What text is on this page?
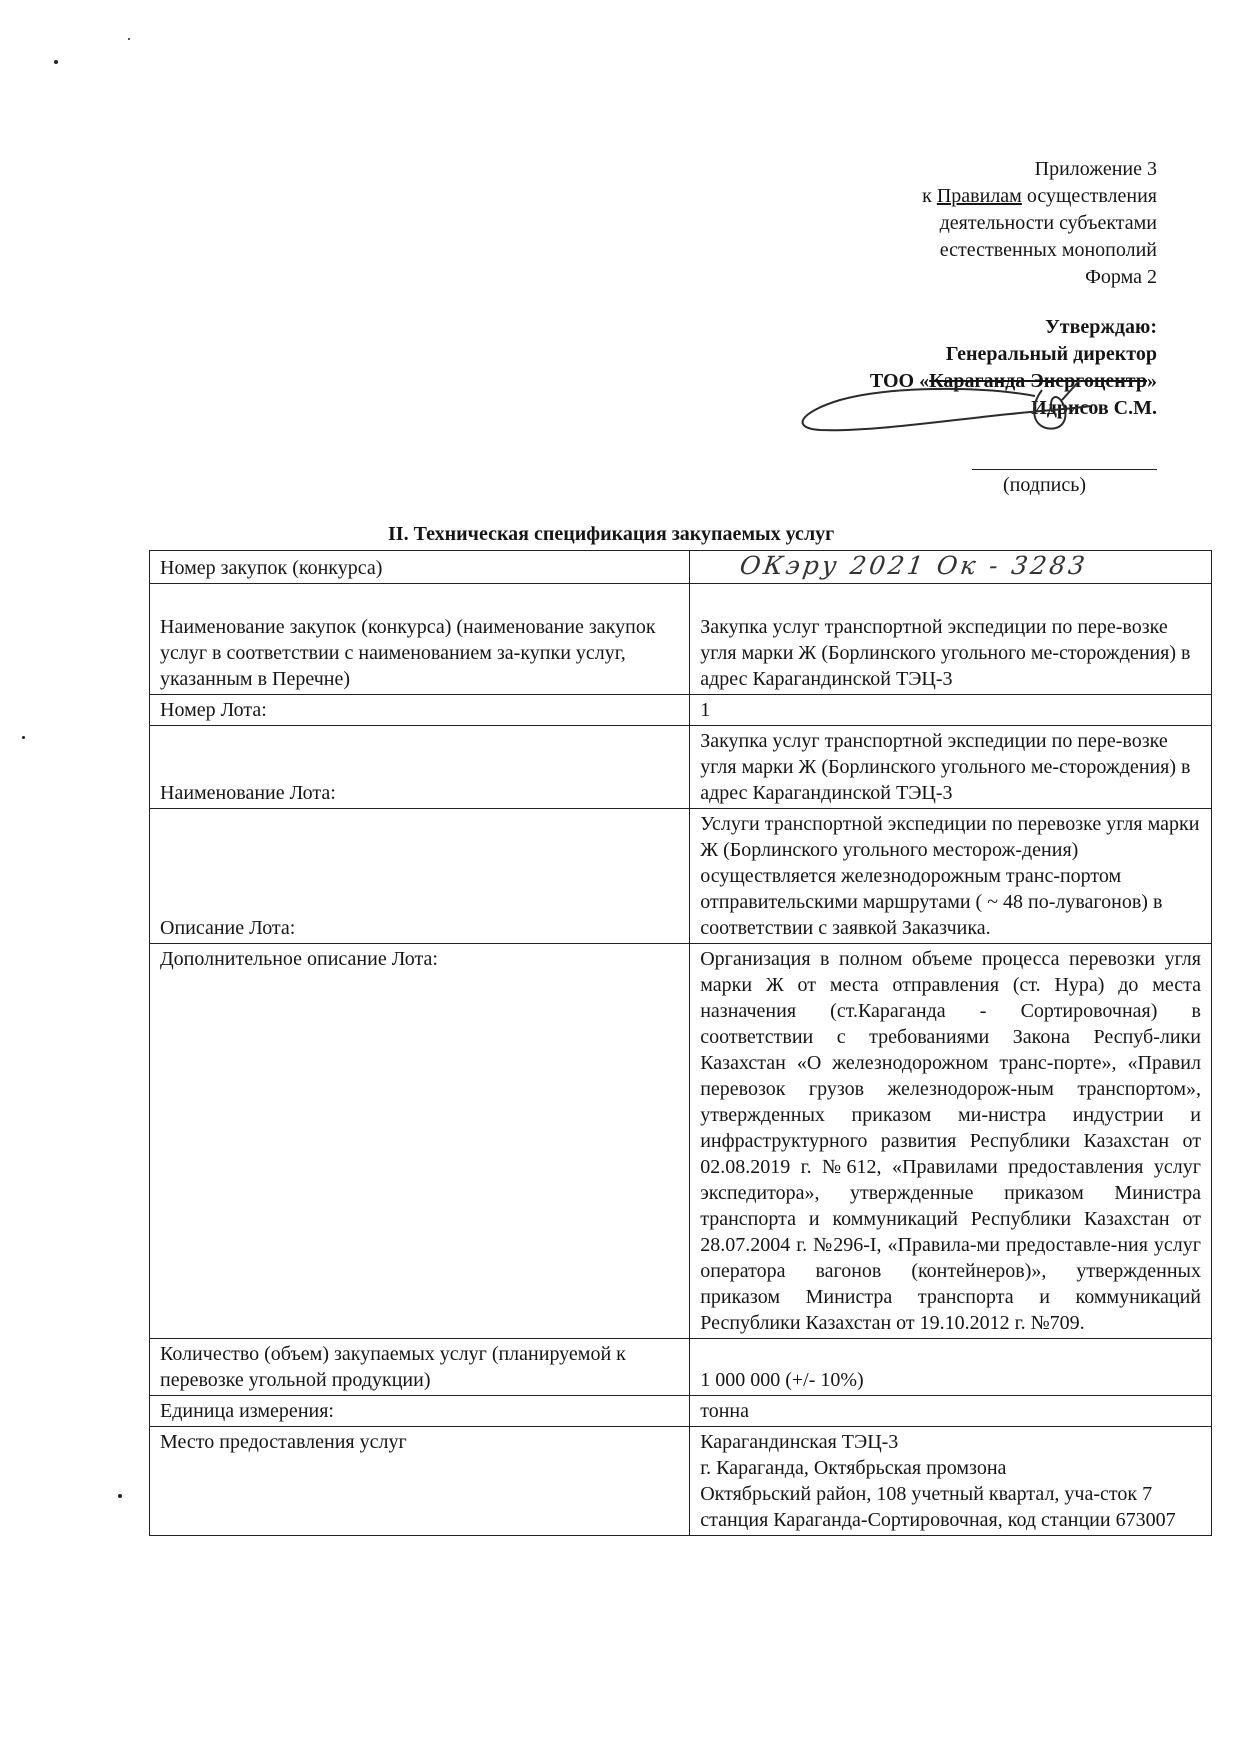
Приложение 3
к Правилам осуществления
деятельности субъектами
естественных монополий
Форма 2
Утверждаю:
Генеральный директор
ТОО «Караганда Энергоцентр»
Идрисов С.М.
(подпись)
II. Техническая спецификация закупаемых услуг
Номер закупок (конкурса)	ОКэру 2021 Ок - 3283
Наименование закупок (конкурса) (наименование закупок услуг в соответствии с наименованием за-купки услуг, указанным в Перечне)	Закупка услуг транспортной экспедиции по пере-возке угля марки Ж (Борлинского угольного ме-сторождения) в адрес Карагандинской ТЭЦ-3
Номер Лота:	1
Наименование Лота:	Закупка услуг транспортной экспедиции по пере-возке угля марки Ж (Борлинского угольного ме-сторождения) в адрес Карагандинской ТЭЦ-3
Описание Лота:	Услуги транспортной экспедиции по перевозке угля марки Ж (Борлинского угольного месторож-дения) осуществляется железнодорожным транс-портом отправительскими маршрутами ( ~ 48 по-лувагонов) в соответствии с заявкой Заказчика.
Дополнительное описание Лота:	Организация в полном объеме процесса перевозки угля марки Ж от места отправления (ст. Нура) до места назначения (ст.Караганда - Сортировочная) в соответствии с требованиями Закона Респуб-лики Казахстан «О железнодорожном транс-порте», «Правил перевозок грузов железнодорож-ным транспортом», утвержденных приказом ми-нистра индустрии и инфраструктурного развития Республики Казахстан от 02.08.2019 г. №612, «Правилами предоставления услуг экспедитора», утвержденные приказом Министра транспорта и коммуникаций Республики Казахстан от 28.07.2004 г. №296-I, «Правила-ми предоставле-ния услуг оператора вагонов (контейнеров)», утвержденных приказом Министра транспорта и коммуникаций Республики Казахстан от 19.10.2012 г. №709.
Количество (объем) закупаемых услуг (планируемой к перевозке угольной продукции)	1 000 000 (+/- 10%)
Единица измерения:	тонна
Место предоставления услуг	Карагандинская ТЭЦ-3
г. Караганда, Октябрьская промзона
Октябрьский район, 108 учетный квартал, уча-сток 7
станция Караганда-Сортировочная, код станции 673007
